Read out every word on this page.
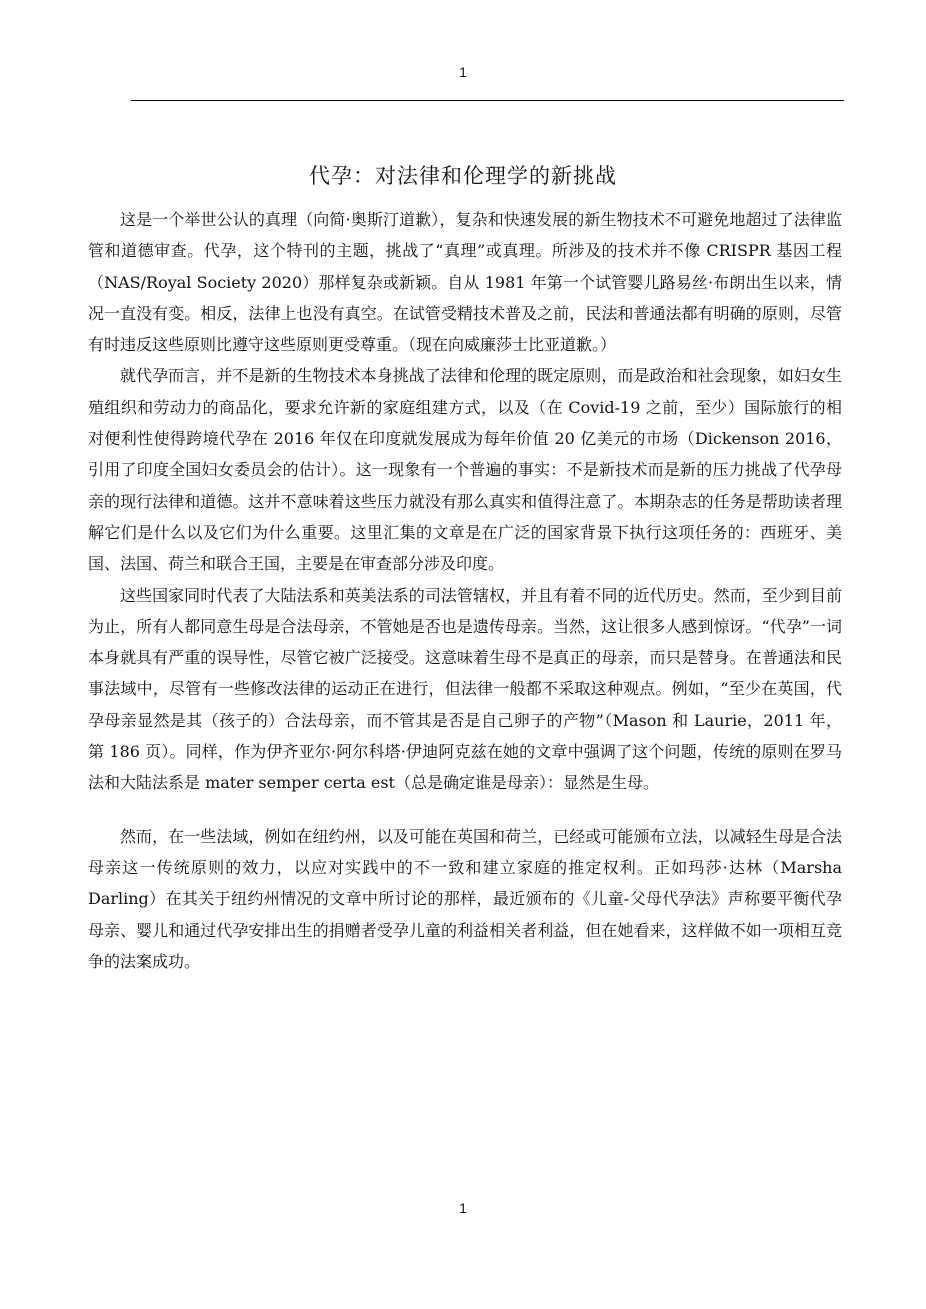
1
代孕：对法律和伦理学的新挑战

这是一个举世公认的真理（向简·奥斯汀道歉），复杂和快速发展的新生物技术不可避免地超过了法律监管和道德审查。代孕，这个特刊的主题，挑战了“真理”或真理。所涉及的技术并不像 CRISPR 基因工程（NAS/Royal Society 2020）那样复杂或新颖。自从 1981 年第一个试管婴儿路易丝·布朗出生以来，情况一直没有变。相反，法律上也没有真空。在试管受精技术普及之前，民法和普通法都有明确的原则，尽管有时违反这些原则比遵守这些原则更受尊重。（现在向威廉莎士比亚道歉。）

就代孕而言，并不是新的生物技术本身挑战了法律和伦理的既定原则，而是政治和社会现象，如妇女生殖组织和劳动力的商品化，要求允许新的家庭组建方式，以及（在 Covid-19 之前，至少）国际旅行的相对便利性使得跨境代孕在 2016 年仅在印度就发展成为每年价值 20 亿美元的市场（Dickenson 2016，引用了印度全国妇女委员会的估计）。这一现象有一个普遍的事实：不是新技术而是新的压力挑战了代孕母亲的现行法律和道德。这并不意味着这些压力就没有那么真实和值得注意了。本期杂志的任务是帮助读者理解它们是什么以及它们为什么重要。这里汇集的文章是在广泛的国家背景下执行这项任务的：西班牙、美国、法国、荷兰和联合王国，主要是在审查部分涉及印度。

这些国家同时代表了大陆法系和英美法系的司法管辖权，并且有着不同的近代历史。然而，至少到目前为止，所有人都同意生母是合法母亲，不管她是否也是遗传母亲。当然，这让很多人感到惊讶。“代孕”一词本身就具有严重的误导性，尽管它被广泛接受。这意味着生母不是真正的母亲，而只是替身。在普通法和民事法域中，尽管有一些修改法律的运动正在进行，但法律一般都不采取这种观点。例如，“至少在英国，代孕母亲显然是其（孩子的）合法母亲，而不管其是否是自己卵子的产物”（Mason 和 Laurie，2011 年，第 186 页）。同样，作为伊齐亚尔·阿尔科塔·伊迪阿克兹在她的文章中强调了这个问题，传统的原则在罗马法和大陆法系是 mater semper certa est（总是确定谁是母亲）：显然是生母。

然而，在一些法域，例如在纽约州，以及可能在英国和荷兰，已经或可能颁布立法，以减轻生母是合法母亲这一传统原则的效力，以应对实践中的不一致和建立家庭的推定权利。正如玛莎·达林（Marsha Darling）在其关于纽约州情况的文章中所讨论的那样，最近颁布的《儿童-父母代孕法》声称要平衡代孕母亲、婴儿和通过代孕安排出生的捐赠者受孕儿童的利益相关者利益，但在她看来，这样做不如一项相互竞争的法案成功。

1
